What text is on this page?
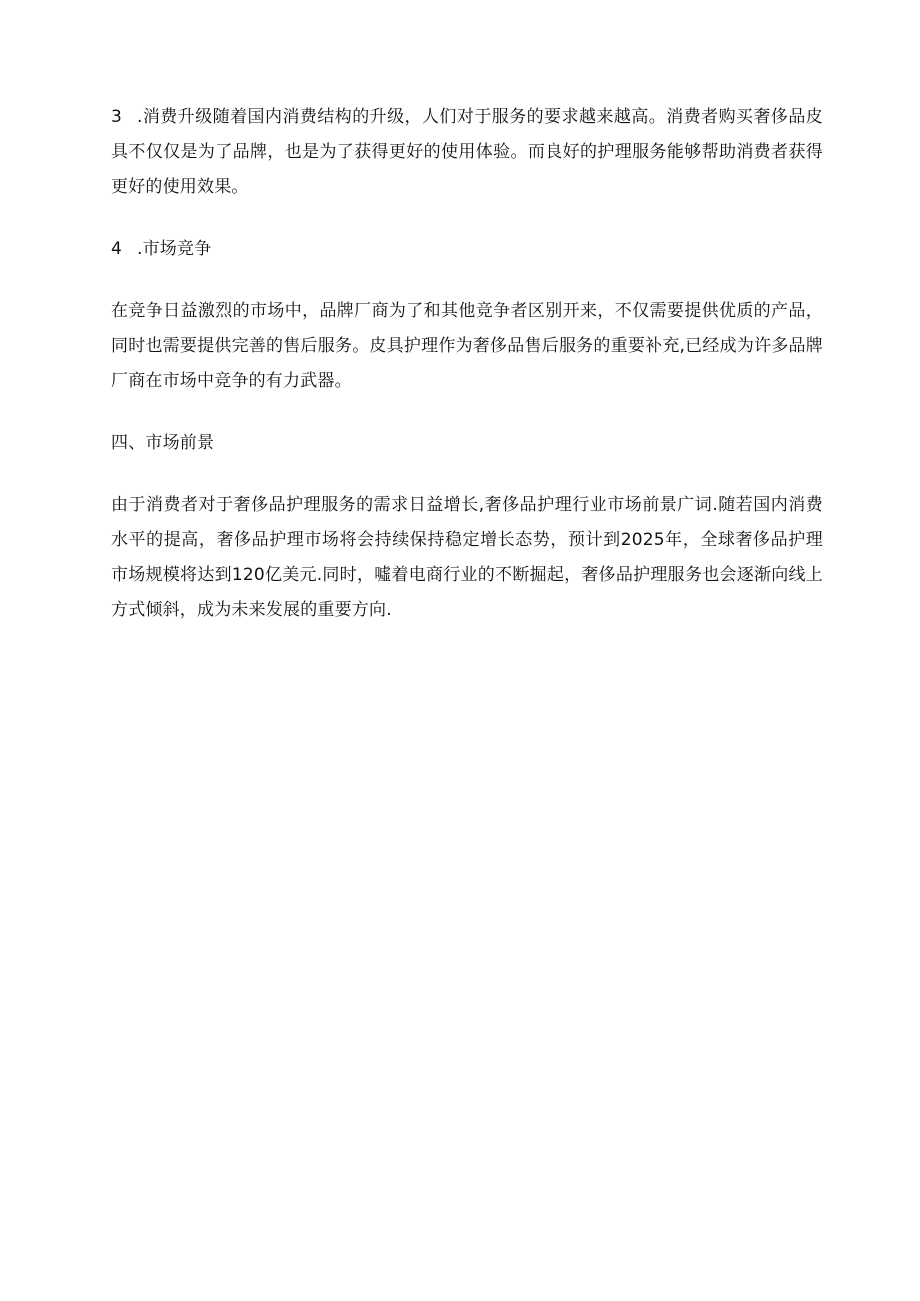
3 .消费升级随着国内消费结构的升级，人们对于服务的要求越来越高。消费者购买奢侈品皮具不仅仅是为了品牌，也是为了获得更好的使用体验。而良好的护理服务能够帮助消费者获得更好的使用效果。

4 .市场竞争

在竞争日益激烈的市场中，品牌厂商为了和其他竞争者区别开来，不仅需要提供优质的产品，同时也需要提供完善的售后服务。皮具护理作为奢侈品售后服务的重要补充,已经成为许多品牌厂商在市场中竞争的有力武器。

四、市场前景

由于消费者对于奢侈品护理服务的需求日益增长,奢侈品护理行业市场前景广词.随若国内消费水平的提高，奢侈品护理市场将会持续保持稳定增长态势，预计到2025年，全球奢侈品护理市场规模将达到120亿美元.同时，噓着电商行业的不断掘起，奢侈品护理服务也会逐渐向线上方式倾斜，成为未来发展的重要方向.
